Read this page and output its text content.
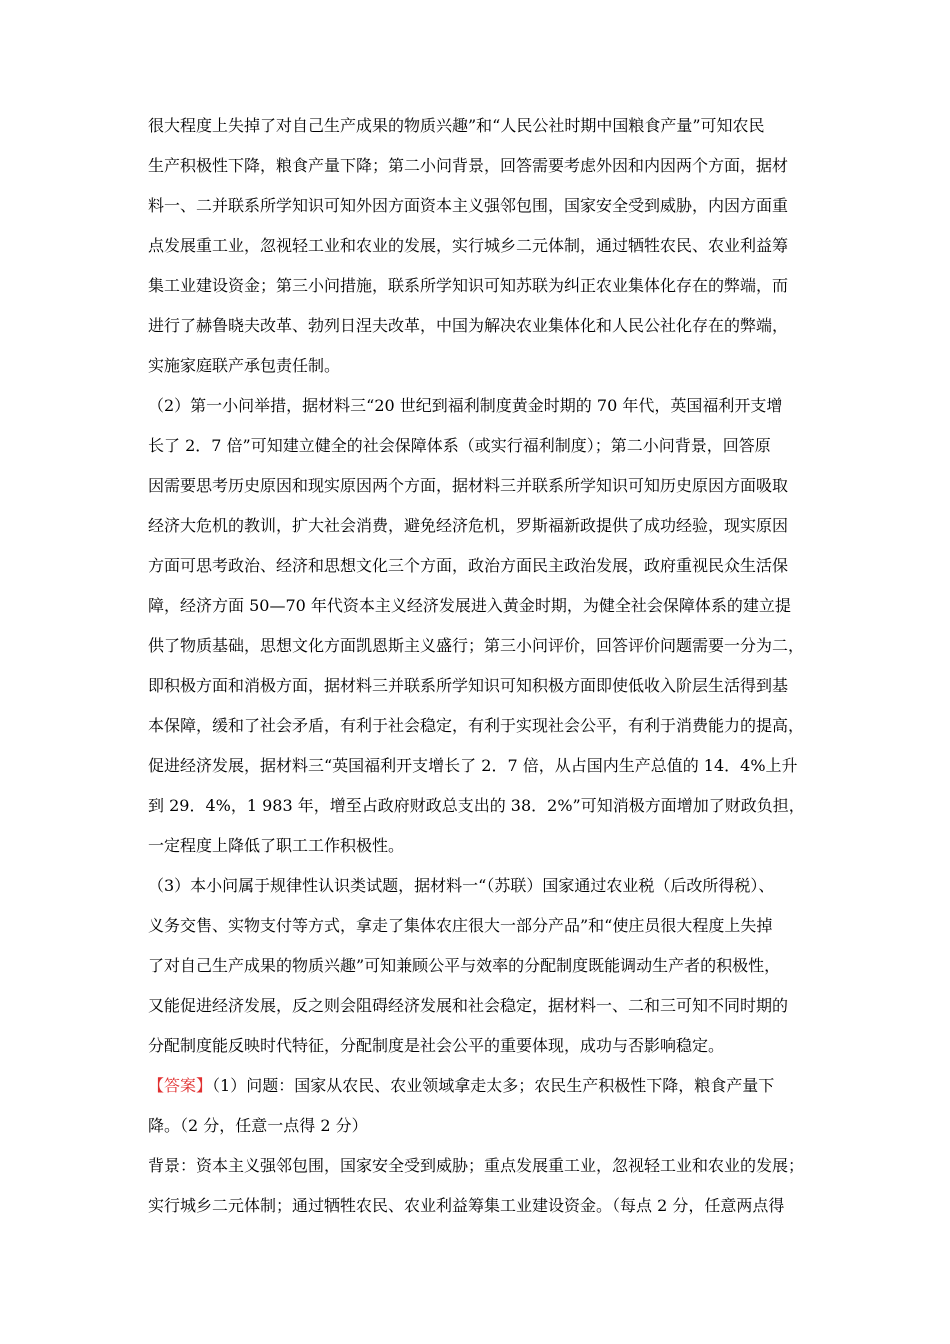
很大程度上失掉了对自己生产成果的物质兴趣”和“人民公社时期中国粮食产量”可知农民
生产积极性下降，粮食产量下降；第二小问背景，回答需要考虑外因和内因两个方面，据材
料一、二并联系所学知识可知外因方面资本主义强邻包围，国家安全受到威胁，内因方面重
点发展重工业，忽视轻工业和农业的发展，实行城乡二元体制，通过牺牲农民、农业利益筹
集工业建设资金；第三小问措施，联系所学知识可知苏联为纠正农业集体化存在的弊端，而
进行了赫鲁晓夫改革、勃列日涅夫改革，中国为解决农业集体化和人民公社化存在的弊端，
实施家庭联产承包责任制。
（2）第一小问举措，据材料三“20 世纪到福利制度黄金时期的 70 年代，英国福利开支增
长了 2．7 倍”可知建立健全的社会保障体系（或实行福利制度）；第二小问背景，回答原
因需要思考历史原因和现实原因两个方面，据材料三并联系所学知识可知历史原因方面吸取
经济大危机的教训，扩大社会消费，避免经济危机，罗斯福新政提供了成功经验，现实原因
方面可思考政治、经济和思想文化三个方面，政治方面民主政治发展，政府重视民众生活保
障，经济方面 50—70 年代资本主义经济发展进入黄金时期，为健全社会保障体系的建立提
供了物质基础，思想文化方面凯恩斯主义盛行；第三小问评价，回答评价问题需要一分为二，
即积极方面和消极方面，据材料三并联系所学知识可知积极方面即使低收入阶层生活得到基
本保障，缓和了社会矛盾，有利于社会稳定，有利于实现社会公平，有利于消费能力的提高，
促进经济发展，据材料三“英国福利开支增长了 2．7 倍，从占国内生产总值的 14．4%上升
到 29．4%，1 983 年，增至占政府财政总支出的 38．2%”可知消极方面增加了财政负担，
一定程度上降低了职工工作积极性。
（3）本小问属于规律性认识类试题，据材料一“（苏联）国家通过农业税（后改所得税）、
义务交售、实物支付等方式，拿走了集体农庄很大一部分产品”和“使庄员很大程度上失掉
了对自己生产成果的物质兴趣”可知兼顾公平与效率的分配制度既能调动生产者的积极性，
又能促进经济发展，反之则会阻碍经济发展和社会稳定，据材料一、二和三可知不同时期的
分配制度能反映时代特征，分配制度是社会公平的重要体现，成功与否影响稳定。
【答案】（1）问题：国家从农民、农业领域拿走太多；农民生产积极性下降，粮食产量下
降。（2 分，任意一点得 2 分）
背景：资本主义强邻包围，国家安全受到威胁；重点发展重工业，忽视轻工业和农业的发展；
实行城乡二元体制；通过牺牲农民、农业利益筹集工业建设资金。（每点 2 分，任意两点得
